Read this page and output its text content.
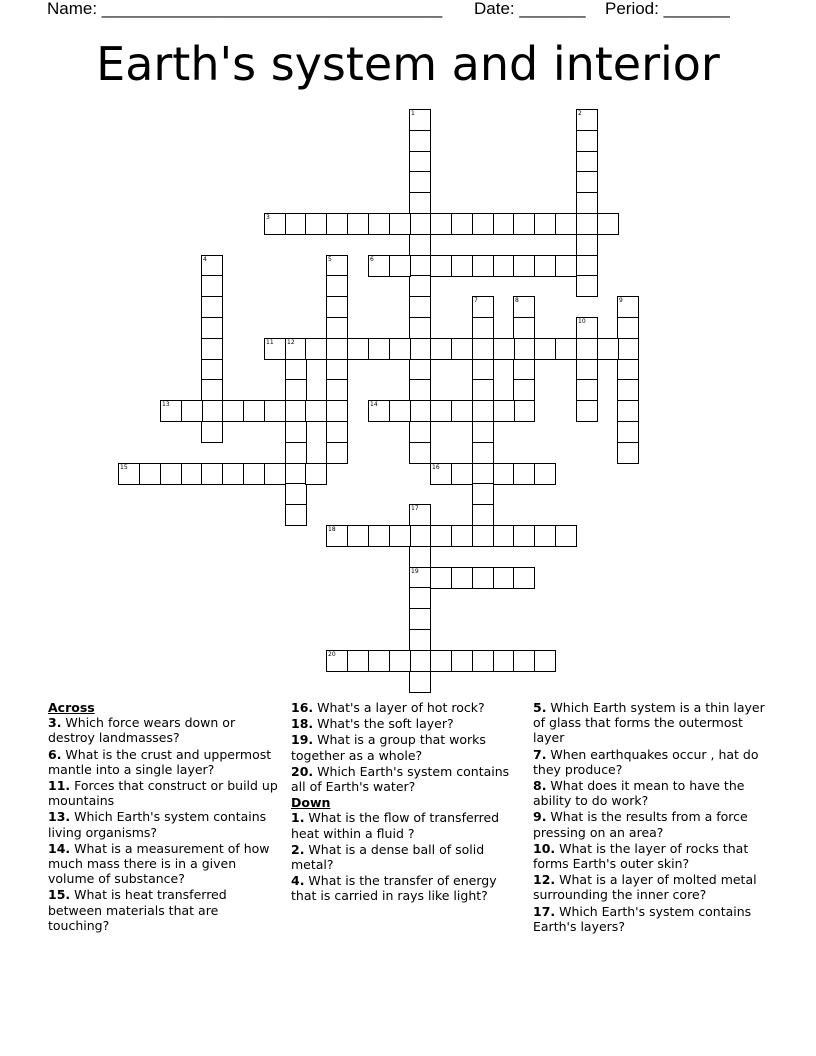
Name: ____________________________________ Date: _______ Period: _______
Earth's system and interior
1	2
3
4	5	6
7	8	9
10
11 12
13	14
15	16
17
19
18
20
Across
3. Which force wears down or destroy landmasses?
6. What is the crust and uppermost mantle into a single layer?
11. Forces that construct or build up mountains
13. Which Earth's system contains living organisms?
14. What is a measurement of how much mass there is in a given volume of substance?
15. What is heat transferred between materials that are touching?
16. What's a layer of hot rock?
18. What's the soft layer?
19. What is a group that works together as a whole?
20. Which Earth's system contains all of Earth's water?
Down
1. What is the flow of transferred heat within a fluid ?
2. What is a dense ball of solid metal?
4. What is the transfer of energy that is carried in rays like light?
5. Which Earth system is a thin layer of glass that forms the outermost layer
7. When earthquakes occur , hat do they produce?
8. What does it mean to have the ability to do work?
9. What is the results from a force pressing on an area?
10. What is the layer of rocks that forms Earth's outer skin?
12. What is a layer of molted metal surrounding the inner core?
17. Which Earth's system contains Earth's layers?
